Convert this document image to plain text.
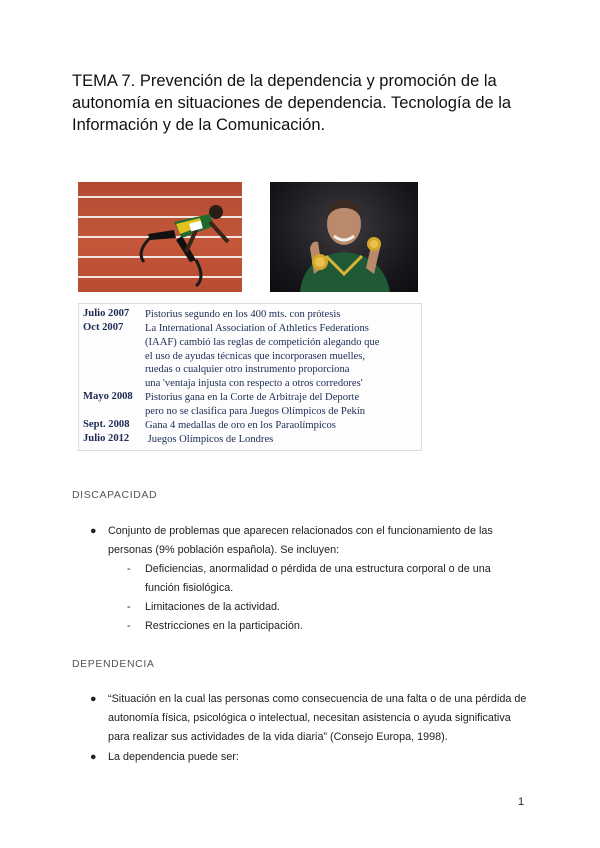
TEMA 7. Prevención de la dependencia y promoción de la autonomía en situaciones de dependencia. Tecnología de la Información y de la Comunicación.
Julio 2007	Pistorius segundo en los 400 mts. con prótesis
Oct 2007	La International Association of Athletics Federations
(IAAF) cambió las reglas de competición alegando que
el uso de ayudas técnicas que incorporasen muelles,
ruedas o cualquier otro instrumento proporciona
una 'ventaja injusta con respecto a otros corredores'
Mayo 2008	Pistorius gana en la Corte de Arbitraje del Deporte
pero no se clasifica para Juegos Olímpicos de Pekín
Sept. 2008	Gana 4 medallas de oro en los Paraolímpicos
Julio 2012	Juegos Olímpicos de Londres
DISCAPACIDAD
●	Conjunto de problemas que aparecen relacionados con el funcionamiento de las personas (9% población española). Se incluyen:
- Deficiencias, anormalidad o pérdida de una estructura corporal o de una función fisiológica.
- Limitaciones de la actividad.
- Restricciones en la participación.
DEPENDENCIA
●	“Situación en la cual las personas como consecuencia de una falta o de una pérdida de autonomía física, psicológica o intelectual, necesitan asistencia o ayuda significativa para realizar sus actividades de la vida diaria” (Consejo Europa, 1998).
●	La dependencia puede ser:
1
